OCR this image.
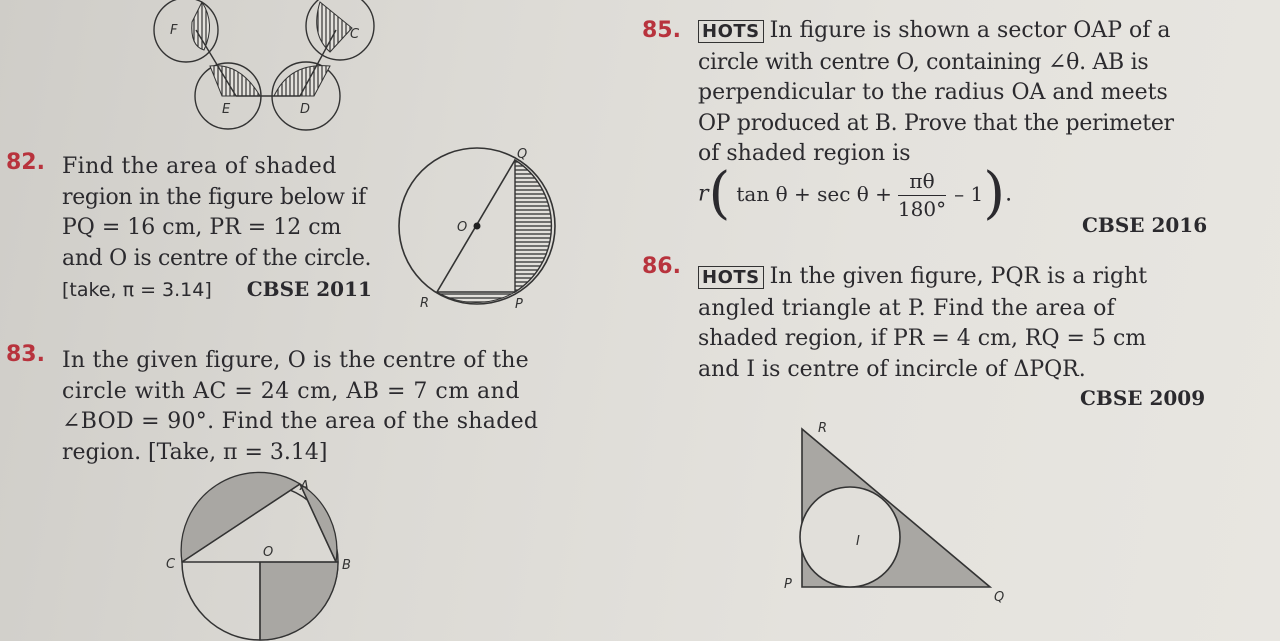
F	C
E	D
82. Find the area of shaded
region in the figure below if
PQ = 16 cm, PR = 12 cm
and O is centre of the circle.
[take, π = 3.14] CBSE 2011
Q
O
R	P
83. In the given figure, O is the centre of the
circle with AC = 24 cm, AB = 7 cm and
∠BOD = 90°. Find the area of the shaded
region. [Take, π = 3.14]
A
O
C	B
85. HOTS In figure is shown a sector OAP of a
circle with centre O, containing ∠θ. AB is
perpendicular to the radius OA and meets
OP produced at B. Prove that the perimeter
of shaded region is
r( $\tan \theta + \sec \theta + \frac{\pi\theta}{180^\circ} - 1$).
CBSE 2016
86. HOTS In the given figure, PQR is a right
angled triangle at P. Find the area of
shaded region, if PR = 4 cm, RQ = 5 cm
and I is centre of incircle of ΔPQR.
CBSE 2009
R
I
P
Q
